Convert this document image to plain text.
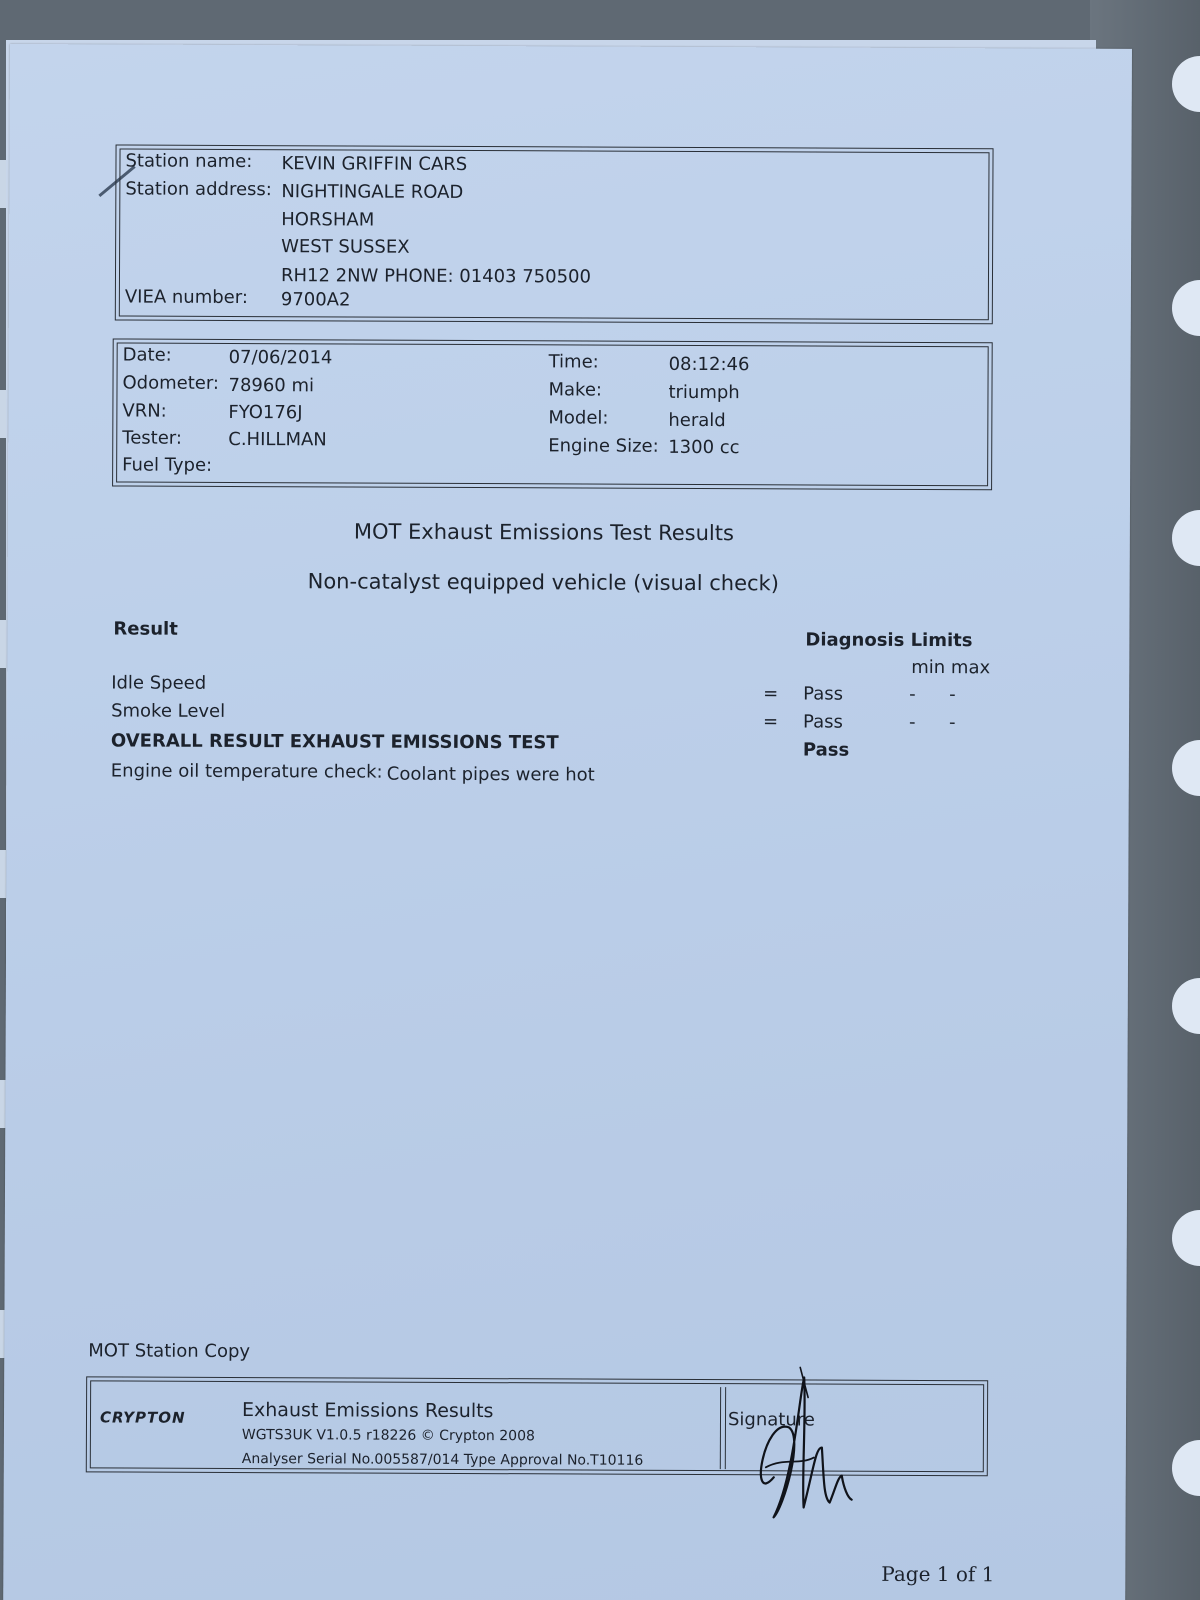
Station name: KEVIN GRIFFIN CARS
Station address: NIGHTINGALE ROAD
HORSHAM
WEST SUSSEX
RH12 2NW PHONE: 01403 750500
VIEA number: 9700A2
Date:	07/06/2014
Odometer: 78960 mi
VRN:	FYO176J
Tester:	C.HILLMAN
Fuel Type:
Time:	08:12:46
Make:	triumph
Model:	herald
Engine Size: 1300 cc
MOT Exhaust Emissions Test Results
Non-catalyst equipped vehicle (visual check)
Result
Diagnosis Limits
min max
Idle Speed	= Pass	- -
Smoke Level	= Pass	- -
OVERALL RESULT EXHAUST EMISSIONS TEST	Pass
Engine oil temperature check: Coolant pipes were hot
MOT Station Copy
CRYPTON	Exhaust Emissions Results
WGTS3UK V1.0.5 r18226 © Crypton 2008
Analyser Serial No.005587/014 Type Approval No.T10116
Signature
Page 1 of 1
